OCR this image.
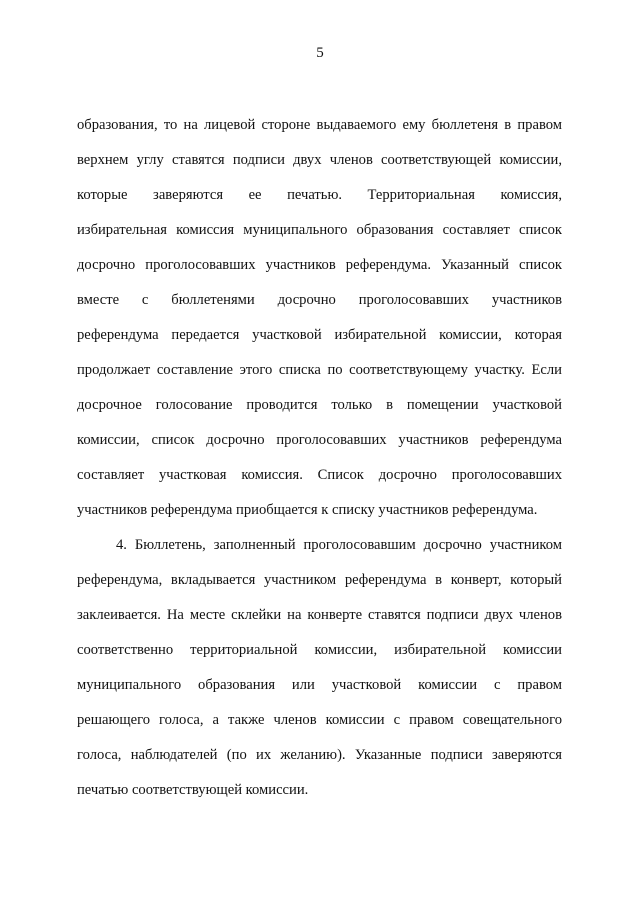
5
образования, то на лицевой стороне выдаваемого ему бюллетеня в правом
верхнем углу ставятся подписи двух членов соответствующей комиссии,
которые заверяются ее печатью. Территориальная комиссия,
избирательная комиссия муниципального образования составляет список
досрочно проголосовавших участников референдума. Указанный список
вместе с бюллетенями досрочно проголосовавших участников
референдума передается участковой избирательной комиссии, которая
продолжает составление этого списка по соответствующему участку. Если
досрочное голосование проводится только в помещении участковой
комиссии, список досрочно проголосовавших участников референдума
составляет участковая комиссия. Список досрочно проголосовавших
участников референдума приобщается к списку участников референдума.
4. Бюллетень, заполненный проголосовавшим досрочно участником
референдума, вкладывается участником референдума в конверт, который
заклеивается. На месте склейки на конверте ставятся подписи двух членов
соответственно территориальной комиссии, избирательной комиссии
муниципального образования или участковой комиссии с правом
решающего голоса, а также членов комиссии с правом совещательного
голоса, наблюдателей (по их желанию). Указанные подписи заверяются
печатью соответствующей комиссии.
